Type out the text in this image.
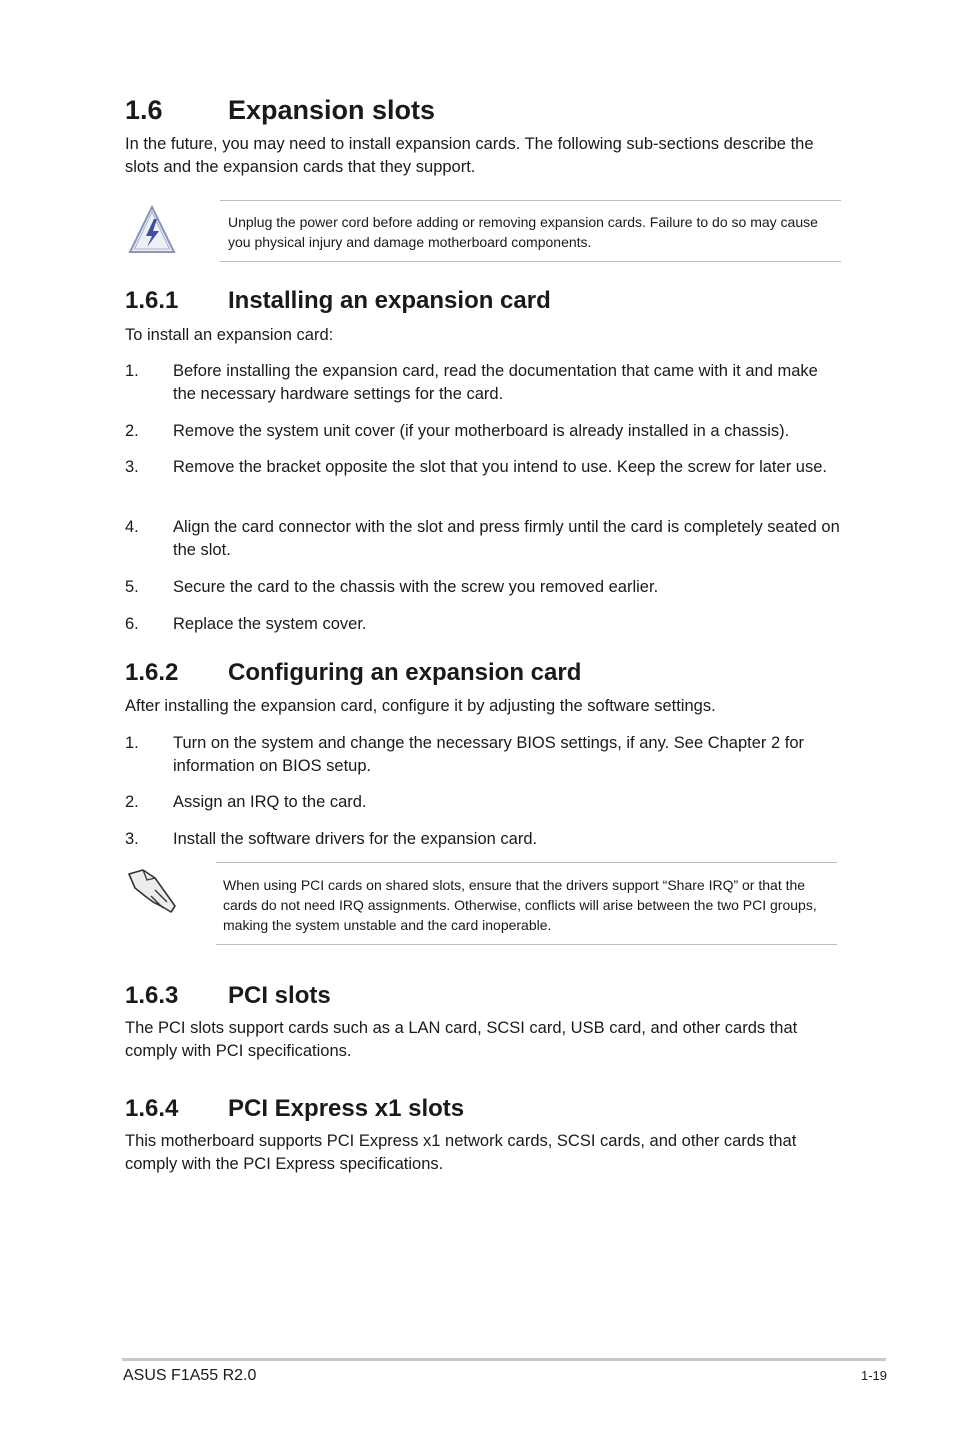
1.6 Expansion slots
In the future, you may need to install expansion cards. The following sub-sections describe the slots and the expansion cards that they support.
Unplug the power cord before adding or removing expansion cards. Failure to do so may cause you physical injury and damage motherboard components.
1.6.1 Installing an expansion card
To install an expansion card:
1. Before installing the expansion card, read the documentation that came with it and make the necessary hardware settings for the card.
2. Remove the system unit cover (if your motherboard is already installed in a chassis).
3. Remove the bracket opposite the slot that you intend to use. Keep the screw for later use.
4. Align the card connector with the slot and press firmly until the card is completely seated on the slot.
5. Secure the card to the chassis with the screw you removed earlier.
6. Replace the system cover.
1.6.2 Configuring an expansion card
After installing the expansion card, configure it by adjusting the software settings.
1. Turn on the system and change the necessary BIOS settings, if any. See Chapter 2 for information on BIOS setup.
2. Assign an IRQ to the card.
3. Install the software drivers for the expansion card.
When using PCI cards on shared slots, ensure that the drivers support “Share IRQ” or that the cards do not need IRQ assignments. Otherwise, conflicts will arise between the two PCI groups, making the system unstable and the card inoperable.
1.6.3 PCI slots
The PCI slots support cards such as a LAN card, SCSI card, USB card, and other cards that comply with PCI specifications.
1.6.4 PCI Express x1 slots
This motherboard supports PCI Express x1 network cards, SCSI cards, and other cards that comply with the PCI Express specifications.
ASUS F1A55 R2.0	1-19
